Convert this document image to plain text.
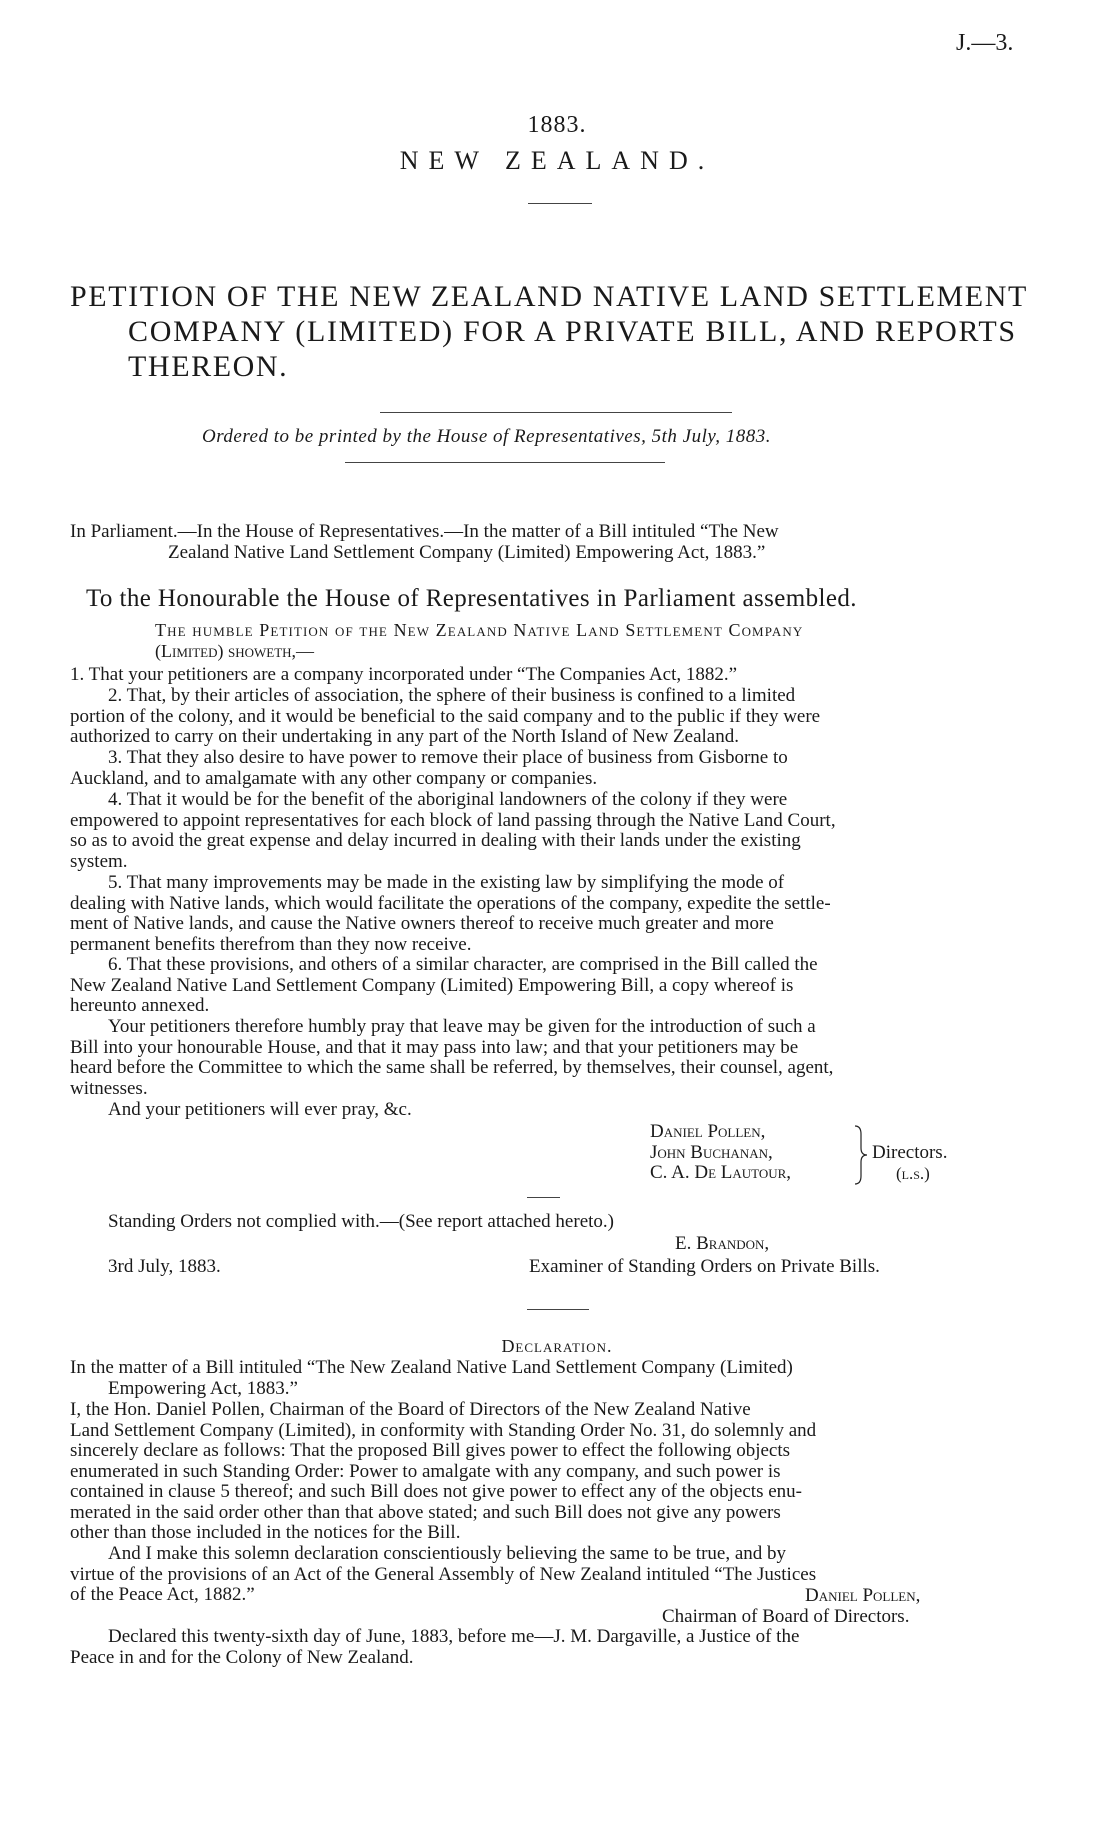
J.—3.
1883.
NEW ZEALAND.
PETITION OF THE NEW ZEALAND NATIVE LAND SETTLEMENT
COMPANY (LIMITED) FOR A PRIVATE BILL, AND REPORTS
THEREON.
Ordered to be printed by the House of Representatives, 5th July, 1883.
In Parliament.—In the House of Representatives.—In the matter of a Bill intituled “The New
Zealand Native Land Settlement Company (Limited) Empowering Act, 1883.”
To the Honourable the House of Representatives in Parliament assembled.
The humble Petition of the New Zealand Native Land Settlement Company
(Limited) showeth,—
1. That your petitioners are a company incorporated under “The Companies Act, 1882.”
2. That, by their articles of association, the sphere of their business is confined to a limited
portion of the colony, and it would be beneficial to the said company and to the public if they were
authorized to carry on their undertaking in any part of the North Island of New Zealand.
3. That they also desire to have power to remove their place of business from Gisborne to
Auckland, and to amalgamate with any other company or companies.
4. That it would be for the benefit of the aboriginal landowners of the colony if they were
empowered to appoint representatives for each block of land passing through the Native Land Court,
so as to avoid the great expense and delay incurred in dealing with their lands under the existing
system.
5. That many improvements may be made in the existing law by simplifying the mode of
dealing with Native lands, which would facilitate the operations of the company, expedite the settle-
ment of Native lands, and cause the Native owners thereof to receive much greater and more
permanent benefits therefrom than they now receive.
6. That these provisions, and others of a similar character, are comprised in the Bill called the
New Zealand Native Land Settlement Company (Limited) Empowering Bill, a copy whereof is
hereunto annexed.
Your petitioners therefore humbly pray that leave may be given for the introduction of such a
Bill into your honourable House, and that it may pass into law; and that your petitioners may be
heard before the Committee to which the same shall be referred, by themselves, their counsel, agent,
witnesses.
And your petitioners will ever pray, &c.
Daniel Pollen,
John Buchanan,
C. A. De Lautour,
Directors.
(l.s.)
Standing Orders not complied with.—(See report attached hereto.)
E. Brandon,
3rd July, 1883.	Examiner of Standing Orders on Private Bills.
Declaration.
In the matter of a Bill intituled “The New Zealand Native Land Settlement Company (Limited)
Empowering Act, 1883.”
I, the Hon. Daniel Pollen, Chairman of the Board of Directors of the New Zealand Native
Land Settlement Company (Limited), in conformity with Standing Order No. 31, do solemnly and
sincerely declare as follows: That the proposed Bill gives power to effect the following objects
enumerated in such Standing Order: Power to amalgate with any company, and such power is
contained in clause 5 thereof; and such Bill does not give power to effect any of the objects enu-
merated in the said order other than that above stated; and such Bill does not give any powers
other than those included in the notices for the Bill.
And I make this solemn declaration conscientiously believing the same to be true, and by
virtue of the provisions of an Act of the General Assembly of New Zealand intituled “The Justices
of the Peace Act, 1882.”	Daniel Pollen,
Chairman of Board of Directors.
Declared this twenty-sixth day of June, 1883, before me—J. M. Dargaville, a Justice of the
Peace in and for the Colony of New Zealand.
